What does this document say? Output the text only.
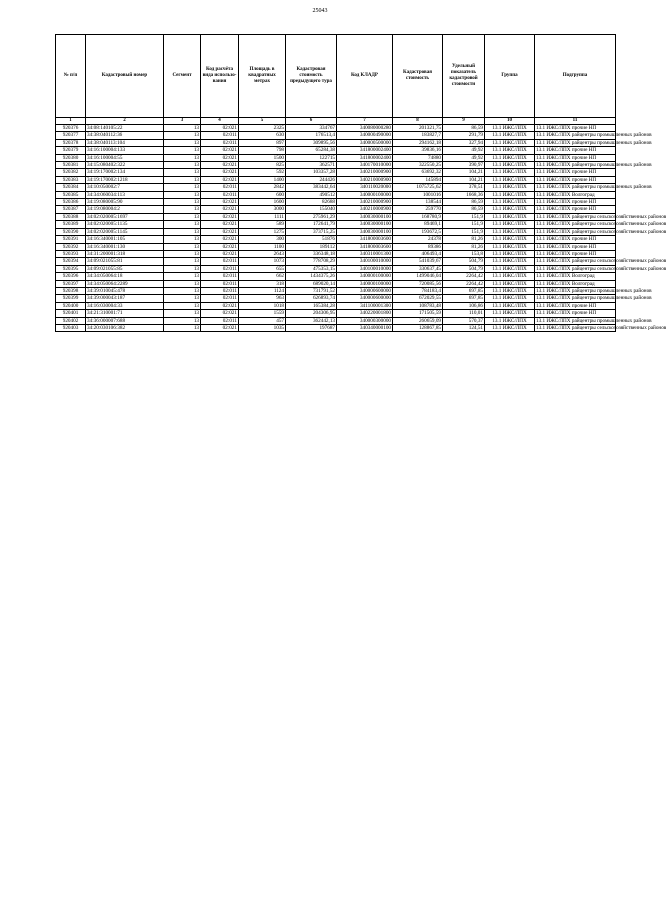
25043
№ п/п	Кадастровый номер	Сегмент	Код расчёта вида использо-вания	Площадь в квадратных метрах	Кадастровая стоимость предыдущего тура	Код КЛАДР	Кадастровая стоимость	Удельный показатель кадастровой стоимости	Группа	Подгруппа
1	2	3	4	5	6	7	8	9	10	11
920376	34:08:140105:22	13	02:021	2325	334767	340080000280	201321,75	86,59	13.1 ИЖС/ЛПХ	13.1 ИЖС/ЛПХ прочие НП
920377	34:38:040112:36	13	02:011	630	176513,4	340000490000	183827,7	291,79	13.1 ИЖС/ЛПХ	13.1 ИЖС/ЛПХ райцентры промышленных районов
920378	34:38:040113:104	13	02:011	897	309895,56	340000500000	294162,18	327,94	13.1 ИЖС/ЛПХ	13.1 ИЖС/ЛПХ райцентры промышленных районов
920379	34:16:100004:133	13	02:021	798	65284,38	341800002400	39836,16	49,92	13.1 ИЖС/ЛПХ	13.1 ИЖС/ЛПХ прочие НП
920380	34:16:100004:55	13	02:021	1500	122715	341800002400	74880	49,92	13.1 ИЖС/ЛПХ	13.1 ИЖС/ЛПХ прочие НП
920381	34:15:080402:322	13	02:021	825	362571	340170010000	322550,25	390,97	13.1 ИЖС/ЛПХ	13.1 ИЖС/ЛПХ райцентры промышленных районов
920382	34:19:170002:134	13	02:021	592	103357,28	340210000900	63692,32	104,21	13.1 ИЖС/ЛПХ	13.1 ИЖС/ЛПХ прочие НП
920383	34:19:170002:1218	13	02:021	1400	244426	340210000900	145894	104,21	13.1 ИЖС/ЛПХ	13.1 ИЖС/ЛПХ прочие НП
920384	34:10:050002:7	13	02:011	2842	383442,64	340110020000	1075725,62	378,51	13.1 ИЖС/ЛПХ	13.1 ИЖС/ЛПХ райцентры промышленных районов
920385	34:34:060034:113	13	02:011	600	490512	340000100000	1001016	1668,36	13.1 ИЖС/ЛПХ	13.1 ИЖС/ЛПХ Волгоград
920386	34:19:080005:90	13	02:021	1600	82688	340210000900	138544	86,59	13.1 ИЖС/ЛПХ	13.1 ИЖС/ЛПХ прочие НП
920387	34:19:080004:2	13	02:021	3000	155040	340210000900	259770	86,59	13.1 ИЖС/ЛПХ	13.1 ИЖС/ЛПХ прочие НП
920388	34:02:020005:1697	13	02:021	1111	275961,29	340030000100	168780,9	151,9	13.1 ИЖС/ЛПХ	13.1 ИЖС/ЛПХ райцентры сельскохозяйственных районов
920389	34:02:020005:1135	13	02:021	589	172641,79	340030000100	89469,1	151,9	13.1 ИЖС/ЛПХ	13.1 ИЖС/ЛПХ райцентры сельскохозяйственных районов
920390	34:02:020005:1145	13	02:021	1275	373715,25	340030000100	193672,5	151,9	13.1 ИЖС/ЛПХ	13.1 ИЖС/ЛПХ райцентры сельскохозяйственных районов
920391	34:16:340001:105	13	02:021	300	51876	341800003600	24378	81,26	13.1 ИЖС/ЛПХ	13.1 ИЖС/ЛПХ прочие НП
920392	34:16:340001:130	13	02:021	1100	189112	341800003600	89386	81,26	13.1 ИЖС/ЛПХ	13.1 ИЖС/ЛПХ прочие НП
920393	34:31:200001:318	13	02:021	2643	336348,18	340310001300	406493,4	153,8	13.1 ИЖС/ЛПХ	13.1 ИЖС/ЛПХ прочие НП
920394	34:09:021055:81	13	02:011	1073	778708,29	340100010000	541039,67	504,79	13.1 ИЖС/ЛПХ	13.1 ИЖС/ЛПХ райцентры сельскохозяйственных районов
920395	34:09:021055:85	13	02:011	655	475353,15	340100010000	330637,45	504,79	13.1 ИЖС/ЛПХ	13.1 ИЖС/ЛПХ райцентры сельскохозяйственных районов
920396	34:34:050064:18	13	02:011	662	1434375,26	340000100000	1499046,04	2264,42	13.1 ИЖС/ЛПХ	13.1 ИЖС/ЛПХ Волгоград
920397	34:34:050064:2289	13	02:011	318	689020,14	340000100000	720085,56	2264,42	13.1 ИЖС/ЛПХ	13.1 ИЖС/ЛПХ Волгоград
920398	34:39:010045:478	13	02:011	1124	731791,52	340000600000	784183,4	697,85	13.1 ИЖС/ЛПХ	13.1 ИЖС/ЛПХ райцентры промышленных районов
920399	34:39:000043:187	13	02:011	963	626893,74	340000600000	672029,55	697,85	13.1 ИЖС/ЛПХ	13.1 ИЖС/ЛПХ райцентры промышленных районов
920400	34:16:030004:33	13	02:021	1018	165384,28	341100001300	108783,48	106,86	13.1 ИЖС/ЛПХ	13.1 ИЖС/ЛПХ прочие НП
920401	34:21:310001:71	13	02:021	1559	204306,95	340220001800	171505,59	110,01	13.1 ИЖС/ЛПХ	13.1 ИЖС/ЛПХ прочие НП
920402	34:36:000007:688	13	02:011	457	362442,13	340000300000	260659,09	570,37	13.1 ИЖС/ЛПХ	13.1 ИЖС/ЛПХ райцентры промышленных районов
920403	34:20:030106:382	13	02:021	1035	197687	340340000100	128867,85	124,51	13.1 ИЖС/ЛПХ	13.1 ИЖС/ЛПХ райцентры сельскохозяйственных районов
